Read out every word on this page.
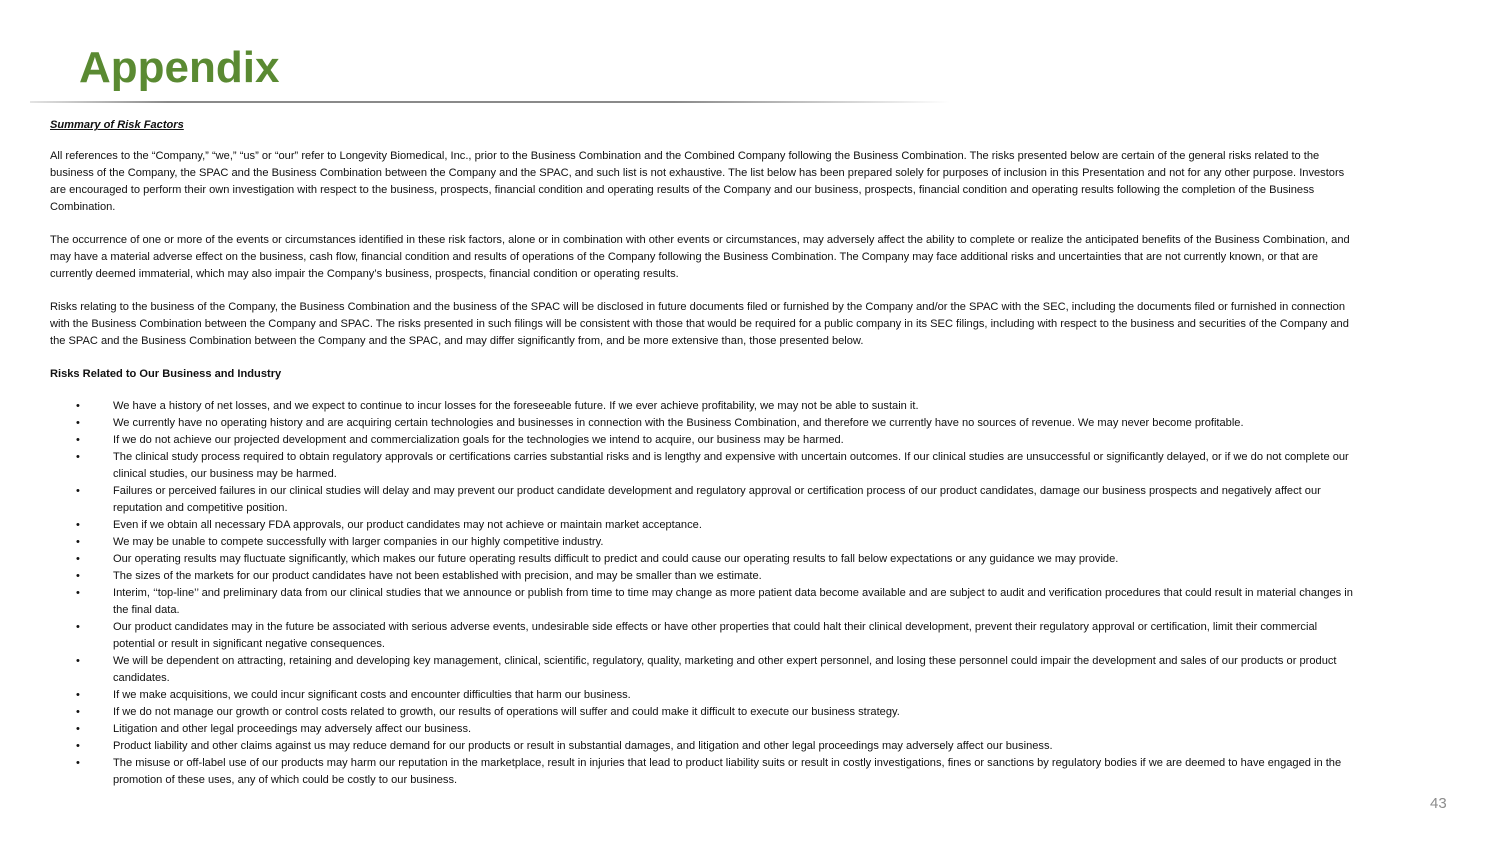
Appendix

Summary of Risk Factors

All references to the “Company,” “we,” “us” or “our” refer to Longevity Biomedical, Inc., prior to the Business Combination and the Combined Company following the Business Combination. The risks presented below are certain of the general risks related to the business of the Company, the SPAC and the Business Combination between the Company and the SPAC, and such list is not exhaustive. The list below has been prepared solely for purposes of inclusion in this Presentation and not for any other purpose. Investors are encouraged to perform their own investigation with respect to the business, prospects, financial condition and operating results of the Company and our business, prospects, financial condition and operating results following the completion of the Business Combination.

The occurrence of one or more of the events or circumstances identified in these risk factors, alone or in combination with other events or circumstances, may adversely affect the ability to complete or realize the anticipated benefits of the Business Combination, and may have a material adverse effect on the business, cash flow, financial condition and results of operations of the Company following the Business Combination. The Company may face additional risks and uncertainties that are not currently known, or that are currently deemed immaterial, which may also impair the Company’s business, prospects, financial condition or operating results.

Risks relating to the business of the Company, the Business Combination and the business of the SPAC will be disclosed in future documents filed or furnished by the Company and/or the SPAC with the SEC, including the documents filed or furnished in connection with the Business Combination between the Company and SPAC. The risks presented in such filings will be consistent with those that would be required for a public company in its SEC filings, including with respect to the business and securities of the Company and the SPAC and the Business Combination between the Company and the SPAC, and may differ significantly from, and be more extensive than, those presented below.

Risks Related to Our Business and Industry

• We have a history of net losses, and we expect to continue to incur losses for the foreseeable future. If we ever achieve profitability, we may not be able to sustain it.
• We currently have no operating history and are acquiring certain technologies and businesses in connection with the Business Combination, and therefore we currently have no sources of revenue. We may never become profitable.
• If we do not achieve our projected development and commercialization goals for the technologies we intend to acquire, our business may be harmed.
• The clinical study process required to obtain regulatory approvals or certifications carries substantial risks and is lengthy and expensive with uncertain outcomes. If our clinical studies are unsuccessful or significantly delayed, or if we do not complete our clinical studies, our business may be harmed.
• Failures or perceived failures in our clinical studies will delay and may prevent our product candidate development and regulatory approval or certification process of our product candidates, damage our business prospects and negatively affect our reputation and competitive position.
• Even if we obtain all necessary FDA approvals, our product candidates may not achieve or maintain market acceptance.
• We may be unable to compete successfully with larger companies in our highly competitive industry.
• Our operating results may fluctuate significantly, which makes our future operating results difficult to predict and could cause our operating results to fall below expectations or any guidance we may provide.
• The sizes of the markets for our product candidates have not been established with precision, and may be smaller than we estimate.
• Interim, ‘‘top-line’’ and preliminary data from our clinical studies that we announce or publish from time to time may change as more patient data become available and are subject to audit and verification procedures that could result in material changes in the final data.
• Our product candidates may in the future be associated with serious adverse events, undesirable side effects or have other properties that could halt their clinical development, prevent their regulatory approval or certification, limit their commercial potential or result in significant negative consequences.
• We will be dependent on attracting, retaining and developing key management, clinical, scientific, regulatory, quality, marketing and other expert personnel, and losing these personnel could impair the development and sales of our products or product candidates.
• If we make acquisitions, we could incur significant costs and encounter difficulties that harm our business.
• If we do not manage our growth or control costs related to growth, our results of operations will suffer and could make it difficult to execute our business strategy.
• Litigation and other legal proceedings may adversely affect our business.
• Product liability and other claims against us may reduce demand for our products or result in substantial damages, and litigation and other legal proceedings may adversely affect our business.
• The misuse or off-label use of our products may harm our reputation in the marketplace, result in injuries that lead to product liability suits or result in costly investigations, fines or sanctions by regulatory bodies if we are deemed to have engaged in the promotion of these uses, any of which could be costly to our business.
43
